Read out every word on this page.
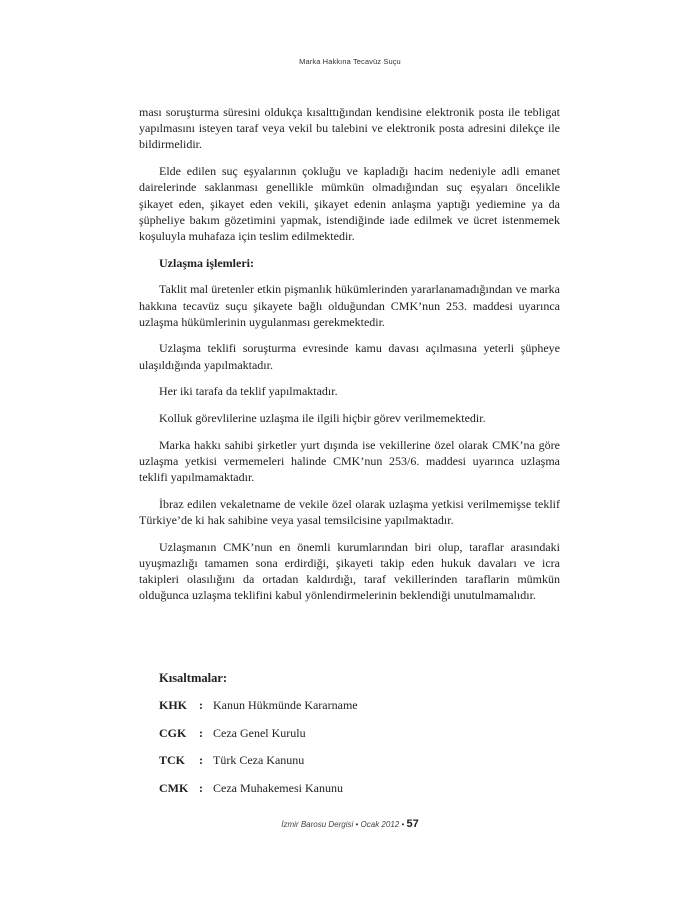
Marka Hakkına Tecavüz Suçu

ması soruşturma süresini oldukça kısalttığından kendisine elektronik posta ile tebligat yapılmasını isteyen taraf veya vekil bu talebini ve elektronik posta adresini dilekçe ile bildirmelidir.

Elde edilen suç eşyalarının çokluğu ve kapladığı hacim nedeniyle adli emanet dairelerinde saklanması genellikle mümkün olmadığından suç eşyaları öncelikle şikayet eden, şikayet eden vekili, şikayet edenin anlaşma yaptığı yediemine ya da şüpheliye bakım gözetimini yapmak, istendiğinde iade edilmek ve ücret istenmemek koşuluyla muhafaza için teslim edilmektedir.

Uzlaşma işlemleri:

Taklit mal üretenler etkin pişmanlık hükümlerinden yararlanamadığından ve marka hakkına tecavüz suçu şikayete bağlı olduğundan CMK’nun 253. maddesi uyarınca uzlaşma hükümlerinin uygulanması gerekmektedir.

Uzlaşma teklifi soruşturma evresinde kamu davası açılmasına yeterli şüpheye ulaşıldığında yapılmaktadır.

Her iki tarafa da teklif yapılmaktadır.

Kolluk görevlilerine uzlaşma ile ilgili hiçbir görev verilmemektedir.

Marka hakkı sahibi şirketler yurt dışında ise vekillerine özel olarak CMK’na göre uzlaşma yetkisi vermemeleri halinde CMK’nun 253/6. maddesi uyarınca uzlaşma teklifi yapılmamaktadır.

İbraz edilen vekaletname de vekile özel olarak uzlaşma yetkisi verilmemişse teklif Türkiye’de ki hak sahibine veya yasal temsilcisine yapılmaktadır.

Uzlaşmanın CMK’nun en önemli kurumlarından biri olup, taraflar arasındaki uyuşmazlığı tamamen sona erdirdiği, şikayeti takip eden hukuk davaları ve icra takipleri olasılığını da ortadan kaldırdığı, taraf vekillerinden taraflarin mümkün olduğunca uzlaşma teklifini kabul yönlendirmelerinin beklendiği unutulmamalıdır.

Kısaltmalar:
KHK : Kanun Hükmünde Kararname
CGK	: Ceza Genel Kurulu
TCK	: Türk Ceza Kanunu
CMK : Ceza Muhakemesi Kanunu
İzmir Barosu Dergisi • Ocak 2012 • 57
